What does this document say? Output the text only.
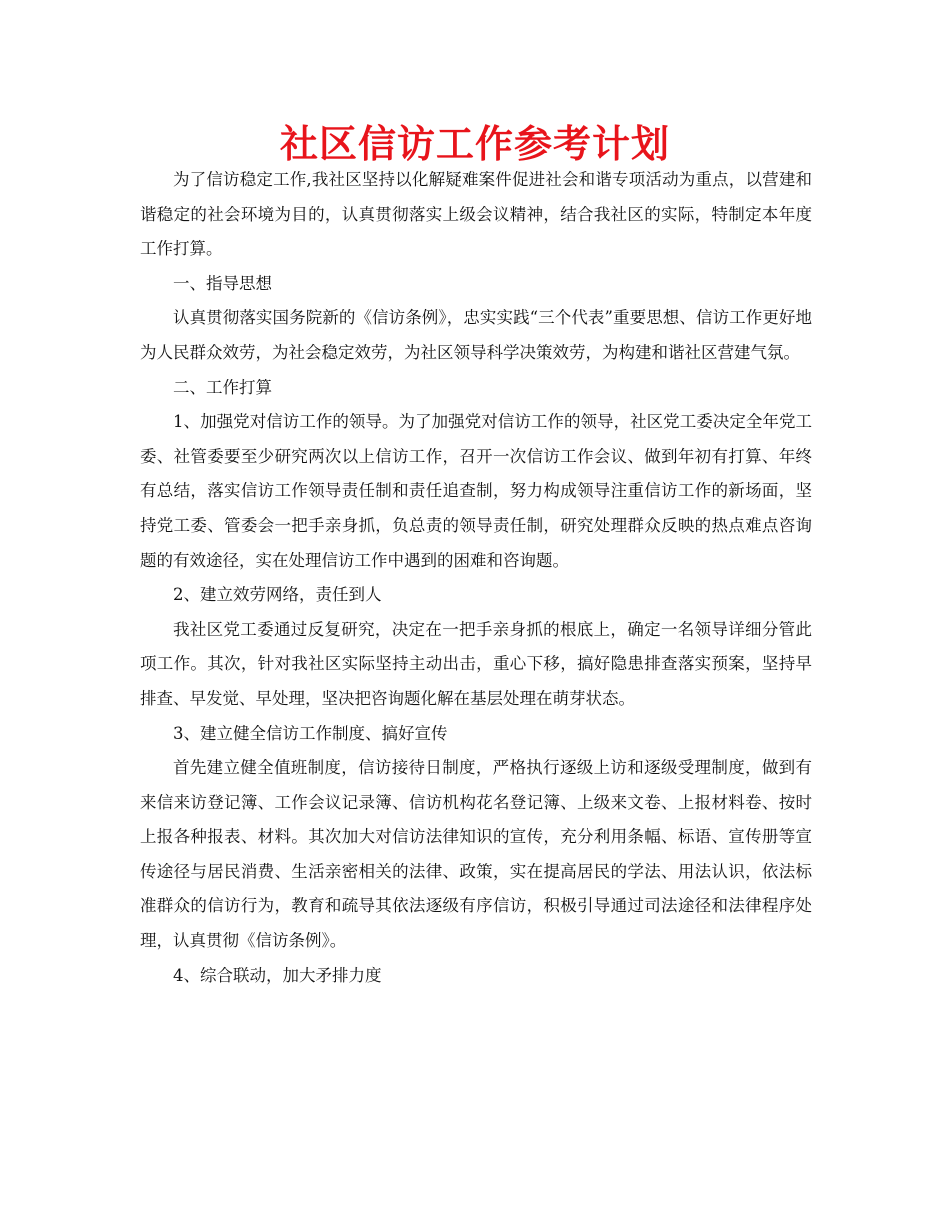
社区信访工作参考计划

为了信访稳定工作,我社区坚持以化解疑难案件促进社会和谐专项活动为重点，以营建和谐稳定的社会环境为目的，认真贯彻落实上级会议精神，结合我社区的实际，特制定本年度工作打算。

一、指导思想

认真贯彻落实国务院新的《信访条例》，忠实实践“三个代表”重要思想、信访工作更好地为人民群众效劳，为社会稳定效劳，为社区领导科学决策效劳，为构建和谐社区营建气氛。

二、工作打算

1、加强党对信访工作的领导。为了加强党对信访工作的领导，社区党工委决定全年党工委、社管委要至少研究两次以上信访工作，召开一次信访工作会议、做到年初有打算、年终有总结，落实信访工作领导责任制和责任追查制，努力构成领导注重信访工作的新场面，坚持党工委、管委会一把手亲身抓，负总责的领导责任制，研究处理群众反映的热点难点咨询题的有效途径，实在处理信访工作中遇到的困难和咨询题。

2、建立效劳网络，责任到人

我社区党工委通过反复研究，决定在一把手亲身抓的根底上，确定一名领导详细分管此项工作。其次，针对我社区实际坚持主动出击，重心下移，搞好隐患排查落实预案，坚持早排查、早发觉、早处理，坚决把咨询题化解在基层处理在萌芽状态。

3、建立健全信访工作制度、搞好宣传

首先建立健全值班制度，信访接待日制度，严格执行逐级上访和逐级受理制度，做到有来信来访登记簿、工作会议记录簿、信访机构花名登记簿、上级来文卷、上报材料卷、按时上报各种报表、材料。其次加大对信访法律知识的宣传，充分利用条幅、标语、宣传册等宣传途径与居民消费、生活亲密相关的法律、政策，实在提高居民的学法、用法认识，依法标准群众的信访行为，教育和疏导其依法逐级有序信访，积极引导通过司法途径和法律程序处理，认真贯彻《信访条例》。

4、综合联动，加大矛排力度
